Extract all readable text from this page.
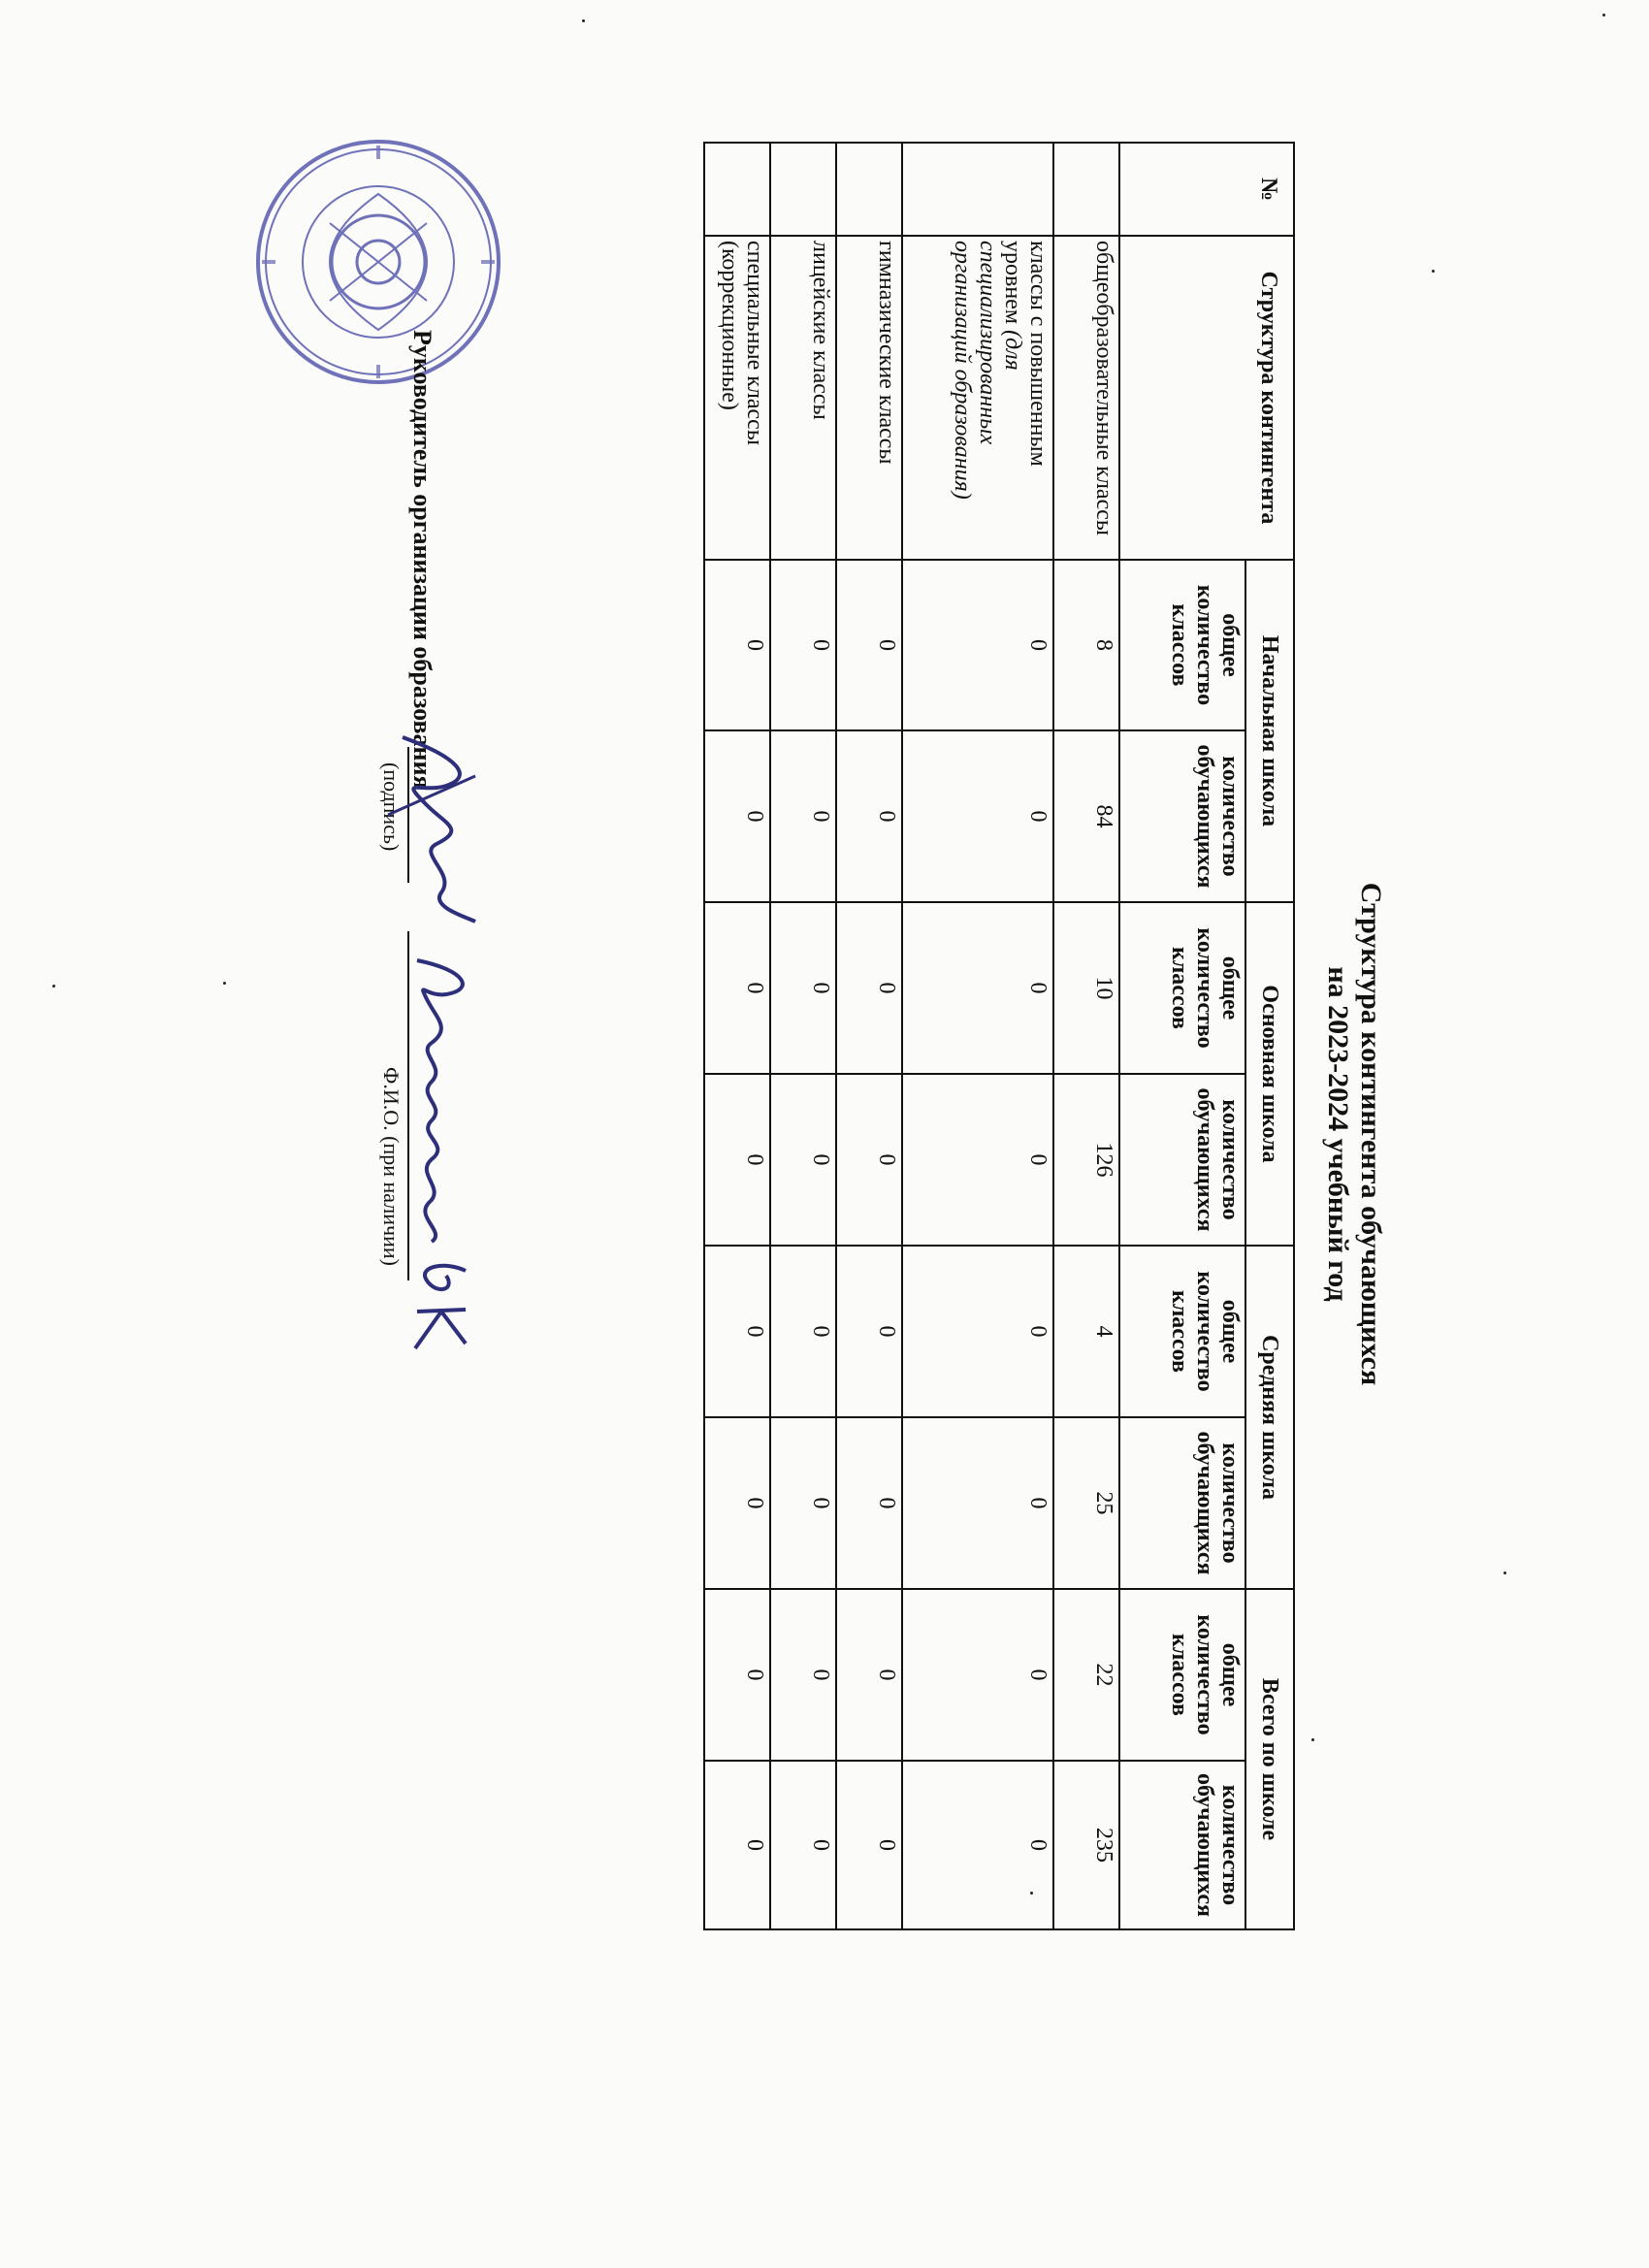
Структура контингента обучающихся
на 2023-2024 учебный год
№	Структура контингента	Начальная школа		Основная школа		Средняя школа		Всего по школе	
		общее количество классов	количество обучающихся	общее количество классов	количество обучающихся	общее количество классов	количество обучающихся	общее количество классов	количество обучающихся
	общеобразовательные классы	8	84	10	126	4	25	22	235
	классы с повышенным уровнем (для специализированных организаций образования)	0	0	0	0	0	0	0	0
	гимназические классы	0	0	0	0	0	0	0	0
	лицейские классы	0	0	0	0	0	0	0	0
	специальные классы (коррекционные)	0	0	0	0	0	0	0	0
Руководитель организации образования
(подпись)
Ф.И.О. (при наличии)
